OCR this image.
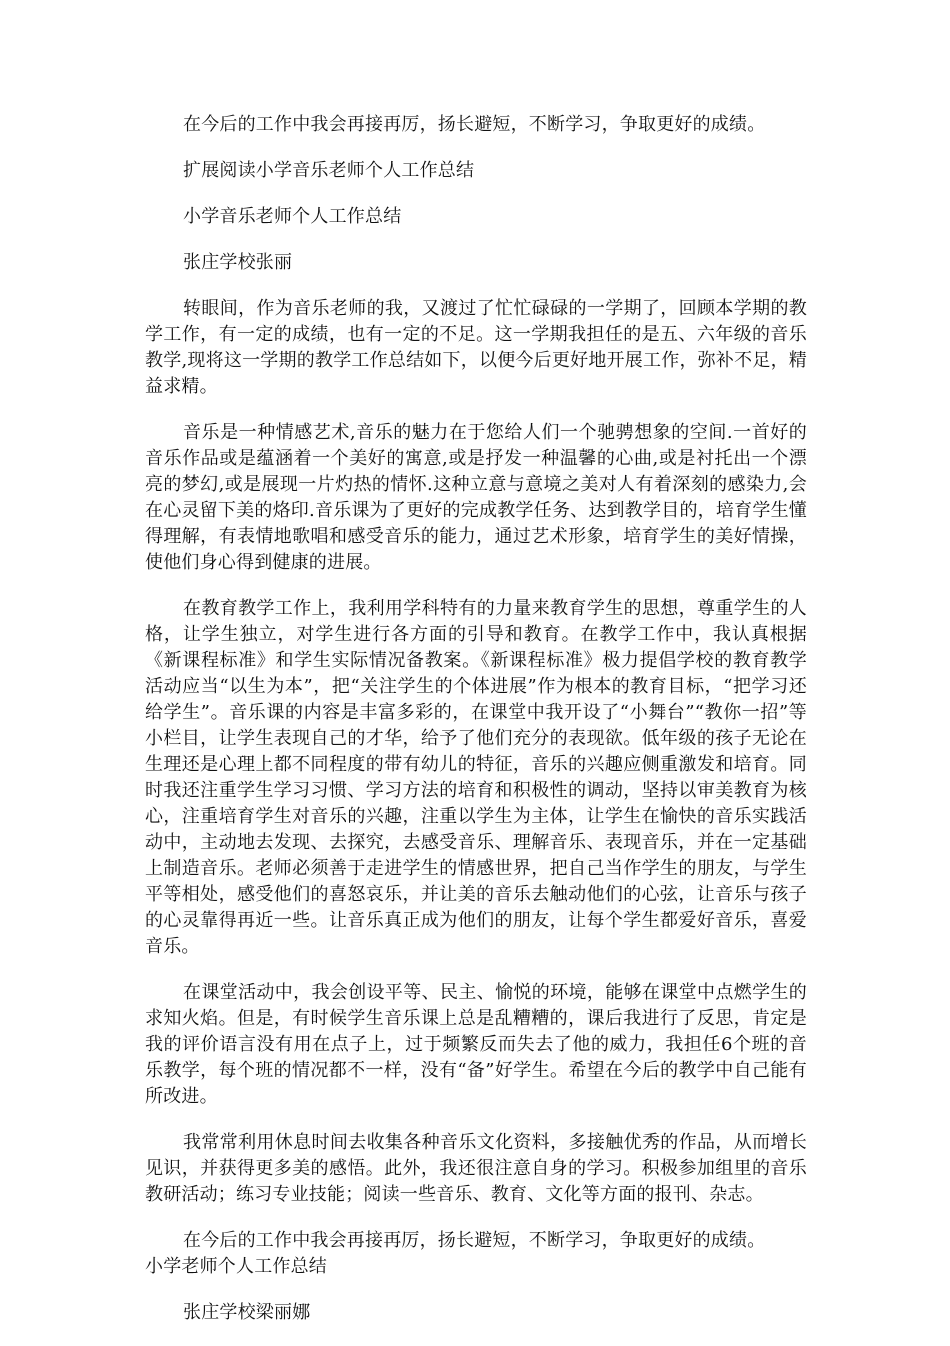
在今后的工作中我会再接再厉，扬长避短，不断学习，争取更好的成绩。

扩展阅读小学音乐老师个人工作总结

小学音乐老师个人工作总结

张庄学校张丽

转眼间，作为音乐老师的我，又渡过了忙忙碌碌的一学期了，回顾本学期的教学工作，有一定的成绩，也有一定的不足。这一学期我担任的是五、六年级的音乐教学,现将这一学期的教学工作总结如下，以便今后更好地开展工作，弥补不足，精益求精。

音乐是一种情感艺术,音乐的魅力在于您给人们一个驰骋想象的空间.一首好的音乐作品或是蕴涵着一个美好的寓意,或是抒发一种温馨的心曲,或是衬托出一个漂亮的梦幻,或是展现一片灼热的情怀.这种立意与意境之美对人有着深刻的感染力,会在心灵留下美的烙印.音乐课为了更好的完成教学任务、达到教学目的，培育学生懂得理解，有表情地歌唱和感受音乐的能力，通过艺术形象，培育学生的美好情操，使他们身心得到健康的进展。

在教育教学工作上，我利用学科特有的力量来教育学生的思想，尊重学生的人格，让学生独立，对学生进行各方面的引导和教育。在教学工作中，我认真根据《新课程标准》和学生实际情况备教案。《新课程标准》极力提倡学校的教育教学活动应当“以生为本”，把“关注学生的个体进展”作为根本的教育目标，“把学习还给学生”。音乐课的内容是丰富多彩的，在课堂中我开设了“小舞台”“教你一招”等小栏目，让学生表现自己的才华，给予了他们充分的表现欲。低年级的孩子无论在生理还是心理上都不同程度的带有幼儿的特征，音乐的兴趣应侧重激发和培育。同时我还注重学生学习习惯、学习方法的培育和积极性的调动，坚持以审美教育为核心，注重培育学生对音乐的兴趣，注重以学生为主体，让学生在愉快的音乐实践活动中，主动地去发现、去探究，去感受音乐、理解音乐、表现音乐，并在一定基础上制造音乐。老师必须善于走进学生的情感世界，把自己当作学生的朋友，与学生平等相处，感受他们的喜怒哀乐，并让美的音乐去触动他们的心弦，让音乐与孩子的心灵靠得再近一些。让音乐真正成为他们的朋友，让每个学生都爱好音乐，喜爱音乐。

在课堂活动中，我会创设平等、民主、愉悦的环境，能够在课堂中点燃学生的求知火焰。但是，有时候学生音乐课上总是乱糟糟的，课后我进行了反思，肯定是我的评价语言没有用在点子上，过于频繁反而失去了他的威力，我担任6个班的音乐教学，每个班的情况都不一样，没有“备”好学生。希望在今后的教学中自己能有所改进。

我常常利用休息时间去收集各种音乐文化资料，多接触优秀的作品，从而增长见识，并获得更多美的感悟。此外，我还很注意自身的学习。积极参加组里的音乐教研活动；练习专业技能；阅读一些音乐、教育、文化等方面的报刊、杂志。

在今后的工作中我会再接再厉，扬长避短，不断学习，争取更好的成绩。
小学老师个人工作总结

张庄学校梁丽娜
